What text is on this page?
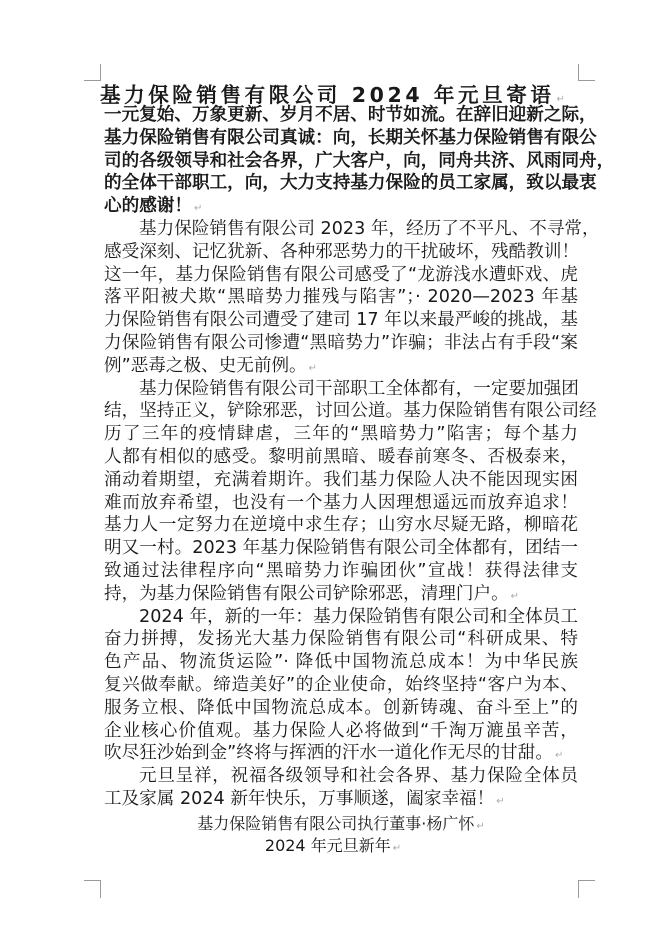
基力保险销售有限公司 2024 年元旦寄语 ↵
一元复始、万象更新、岁月不居、时节如流。在辞旧迎新之际，
基力保险销售有限公司真诚：向，长期关怀基力保险销售有限公
司的各级领导和社会各界，广大客户，向，同舟共济、风雨同舟，
的全体干部职工，向，大力支持基力保险的员工家属，致以最衷
心的感谢！ ↵
基力保险销售有限公司 2023 年，经历了不平凡、不寻常，
感受深刻、记忆犹新、各种邪恶势力的干扰破坏，残酷教训！
这一年，基力保险销售有限公司感受了“龙游浅水遭虾戏、虎
落平阳被犬欺“黑暗势力摧残与陷害”；· 2020—2023 年基
力保险销售有限公司遭受了建司 17 年以来最严峻的挑战，基
力保险销售有限公司惨遭“黑暗势力”诈骗；非法占有手段“案
例”恶毒之极、史无前例。 ↵
基力保险销售有限公司干部职工全体都有，一定要加强团
结，坚持正义，铲除邪恶，讨回公道。基力保险销售有限公司经
历了三年的疫情肆虐，三年的“黑暗势力”陷害；每个基力
人都有相似的感受。黎明前黑暗、暖春前寒冬、否极泰来，
涌动着期望，充满着期许。我们基力保险人决不能因现实困
难而放弃希望，也没有一个基力人因理想遥远而放弃追求！
基力人一定努力在逆境中求生存；山穷水尽疑无路，柳暗花
明又一村。2023 年基力保险销售有限公司全体都有，团结一
致通过法律程序向“黑暗势力诈骗团伙”宣战！获得法律支
持，为基力保险销售有限公司铲除邪恶，清理门户。 ↵
2024 年，新的一年：基力保险销售有限公司和全体员工
奋力拼搏，发扬光大基力保险销售有限公司“科研成果、特
色产品、物流货运险”· 降低中国物流总成本！为中华民族
复兴做奉献。缔造美好”的企业使命，始终坚持“客户为本、
服务立根、降低中国物流总成本。创新铸魂、奋斗至上”的
企业核心价值观。基力保险人必将做到“千淘万漉虽辛苦，
吹尽狂沙始到金”终将与挥洒的汗水一道化作无尽的甘甜。 ↵
元旦呈祥，祝福各级领导和社会各界、基力保险全体员
工及家属 2024 新年快乐，万事顺遂，阖家幸福！ ↵
基力保险销售有限公司执行董事·杨广怀 ↵
2024 年元旦新年 ↵
